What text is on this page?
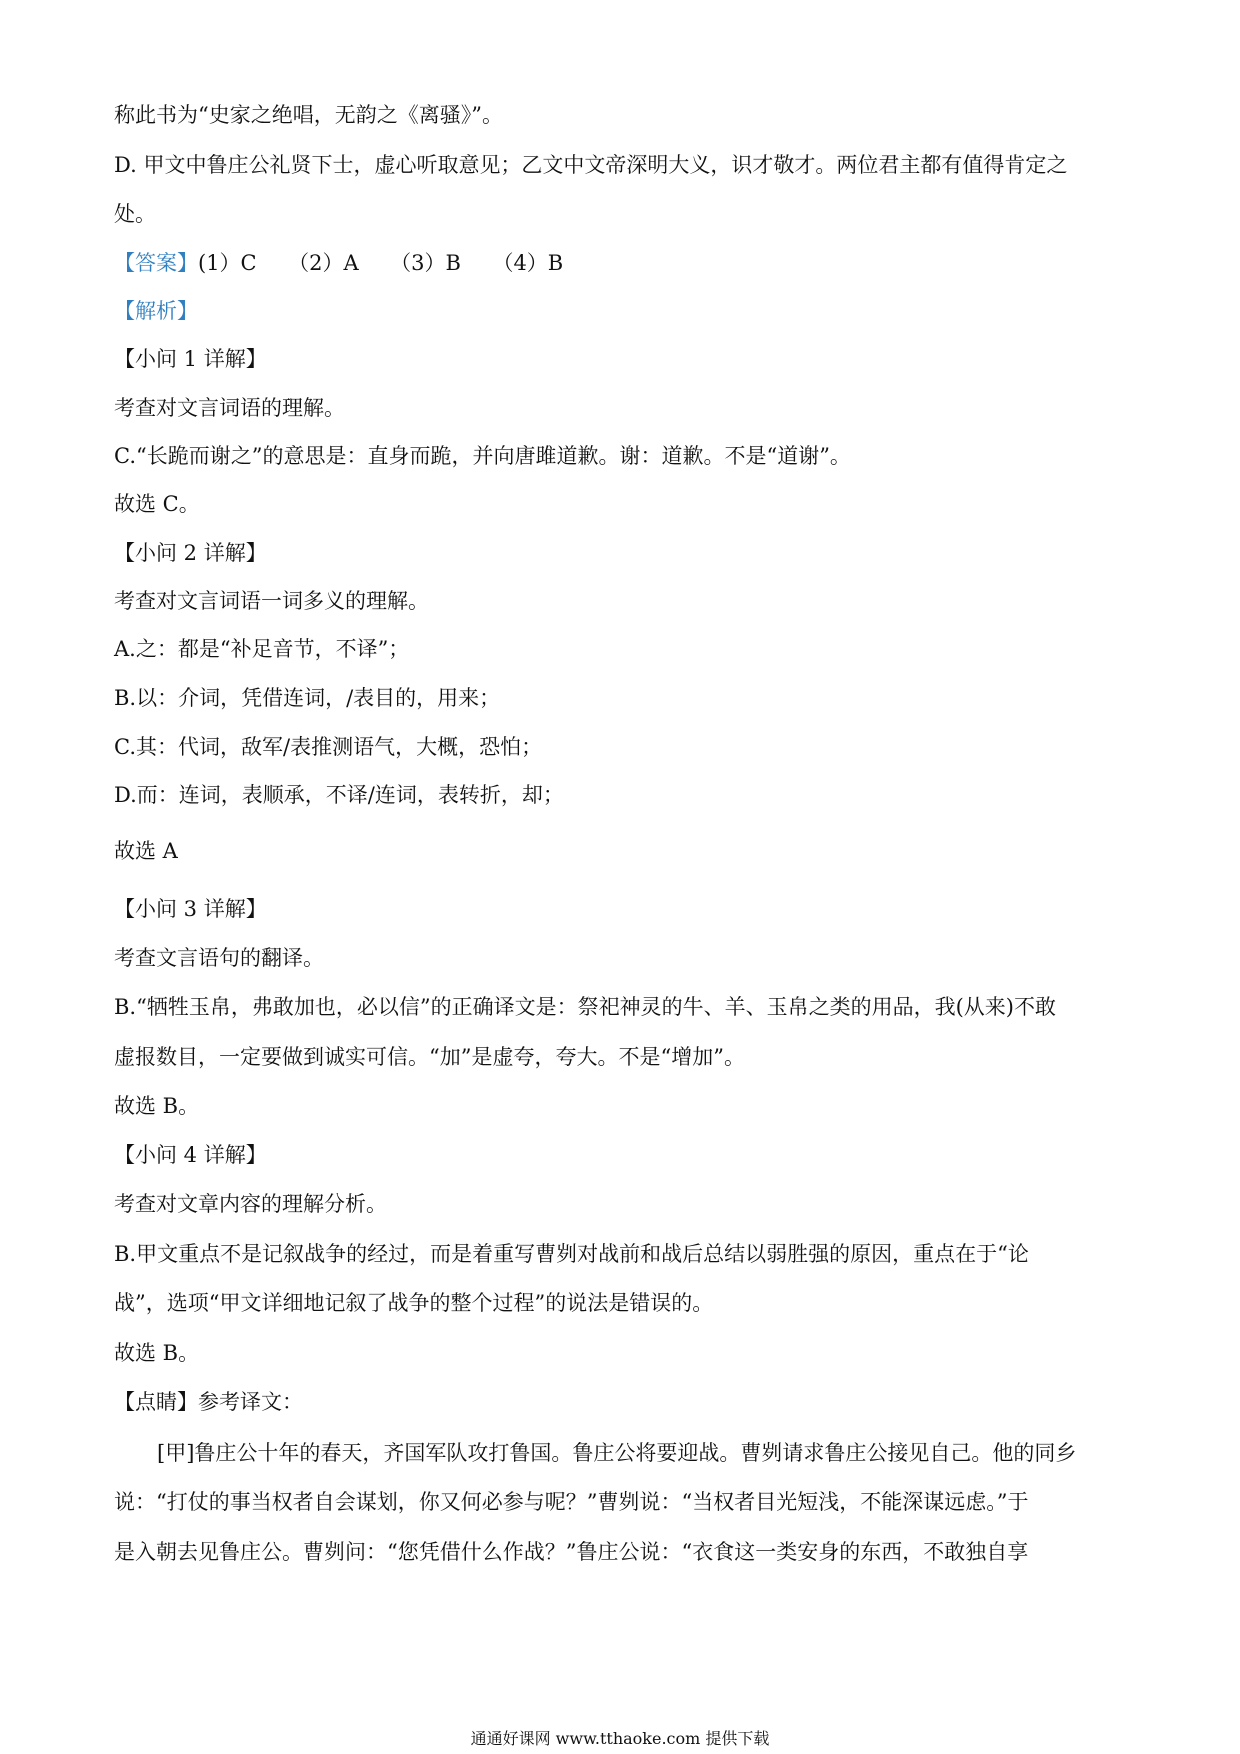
称此书为“史家之绝唱，无韵之《离骚》”。
D. 甲文中鲁庄公礼贤下士，虚心听取意见；乙文中文帝深明大义，识才敬才。两位君主都有值得肯定之
处。
【答案】(1）C　　（2）A　　（3）B　　（4）B
【解析】
【小问 1 详解】
考查对文言词语的理解。
C.“长跪而谢之”的意思是：直身而跪，并向唐雎道歉。谢：道歉。不是“道谢”。
故选 C。
【小问 2 详解】
考查对文言词语一词多义的理解。
A.之：都是“补足音节，不译”；
B.以：介词，凭借连词，/表目的，用来；
C.其：代词，敌军/表推测语气，大概，恐怕；
D.而：连词，表顺承，不译/连词，表转折，却；
故选 A
【小问 3 详解】
考查文言语句的翻译。
B.“牺牲玉帛，弗敢加也，必以信”的正确译文是：祭祀神灵的牛、羊、玉帛之类的用品，我(从来)不敢
虚报数目，一定要做到诚实可信。“加”是虚夸，夸大。不是“增加”。
故选 B。
【小问 4 详解】
考查对文章内容的理解分析。
B.甲文重点不是记叙战争的经过，而是着重写曹刿对战前和战后总结以弱胜强的原因，重点在于“论
战”，选项“甲文详细地记叙了战争的整个过程”的说法是错误的。
故选 B。
【点睛】参考译文：
[甲]鲁庄公十年的春天，齐国军队攻打鲁国。鲁庄公将要迎战。曹刿请求鲁庄公接见自己。他的同乡
说：“打仗的事当权者自会谋划，你又何必参与呢？”曹刿说：“当权者目光短浅，不能深谋远虑。”于
是入朝去见鲁庄公。曹刿问：“您凭借什么作战？”鲁庄公说：“衣食这一类安身的东西，不敢独自享
通通好课网 www.tthaoke.com 提供下载
